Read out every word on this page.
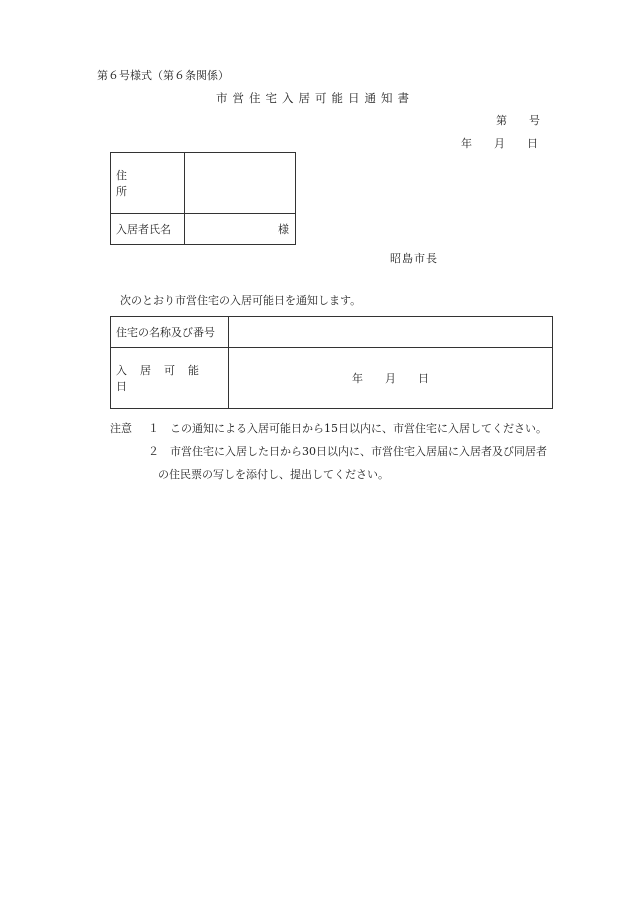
第６号様式（第６条関係）
市営住宅入居可能日通知書
第 号
年 月 日
住所	
入居者氏名	様
昭島市長
次のとおり市営住宅の入居可能日を通知します。
住宅の名称及び番号	
入居可能日	年 月 日
注意 １ この通知による入居可能日から15日以内に、市営住宅に入居してください。
２ 市営住宅に入居した日から30日以内に、市営住宅入居届に入居者及び同居者
の住民票の写しを添付し、提出してください。
